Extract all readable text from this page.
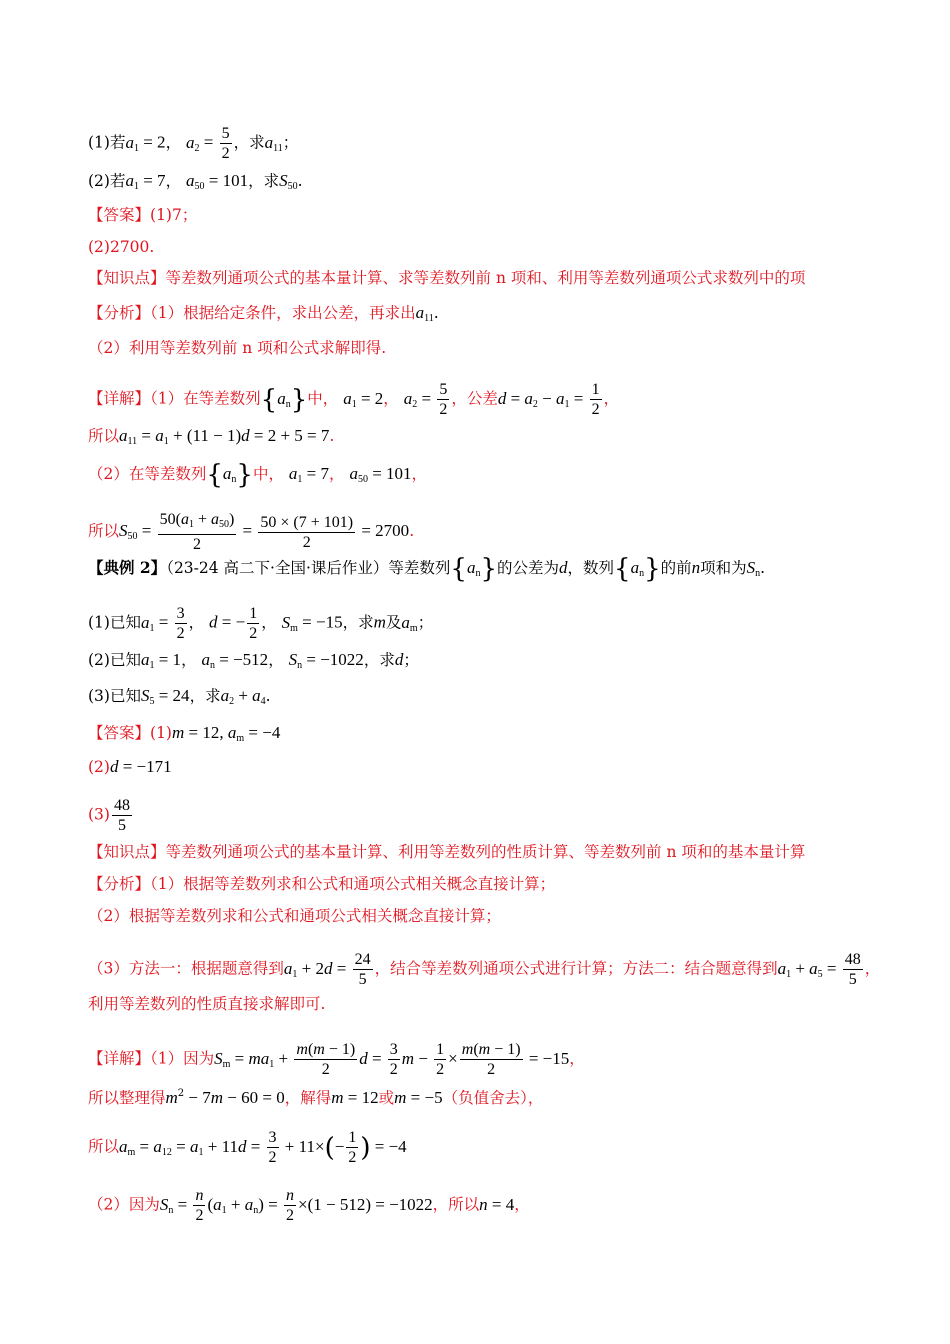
(1)若$a_1 = 2$， $a_2 = \frac{5}{2}$ ，求$a_{11}$；
(2)若$a_1 = 7$， $a_{50} = 101$，求$S_{50}$.
【答案】(1)7；
(2)2700.
【知识点】等差数列通项公式的基本量计算、求等差数列前 n 项和、利用等差数列通项公式求数列中的项
【分析】（1）根据给定条件，求出公差，再求出$a_{11}$.
（2）利用等差数列前 n 项和公式求解即得.
【详解】（1）在等差数列$\{a_n\}$中， $a_1 = 2$， $a_2 = \frac{5}{2}$ ，公差$d = a_2 - a_1 = \frac{1}{2}$ ，
所以$a_{11} = a_1 + (11 - 1)d = 2 + 5 = 7$.
（2）在等差数列$\{a_n\}$中， $a_1 = 7$， $a_{50} = 101$，
所以$S_{50} = \frac{50(a_1 + a_{50})}{2} = \frac{50 \times (7 + 101)}{2} = 2700$.
【典例 2】（23-24 高二下·全国·课后作业）等差数列$\{a_n\}$的公差为d，数列$\{a_n\}$的前n项和为$S_n$.
(1)已知$a_1 = \frac{3}{2}$ ， d = − $\frac{1}{2}$ ， $S_m = -15$，求m及$a_m$；
(2)已知$a_1 = 1$， $a_n = -512$， $S_n = -1022$，求d；
(3)已知$S_5 = 24$，求$a_2 + a_4$.
【答案】(1)m = 12, $a_m = -4$
(2)d = −171
$(3) \frac{48}{5}$
【知识点】等差数列通项公式的基本量计算、利用等差数列的性质计算、等差数列前 n 项和的基本量计算
【分析】（1）根据等差数列求和公式和通项公式相关概念直接计算；
（2）根据等差数列求和公式和通项公式相关概念直接计算；
（3）方法一：根据题意得到$a_1 + 2d = \frac{24}{5}$ ，结合等差数列通项公式进行计算；方法二：结合题意得到$a_1 + a_5 = \frac{48}{5}$ ，
利用等差数列的性质直接求解即可.
【详解】（1）因为$S_m = ma_1 + \frac{m(m - 1)}{2}$ $d = \frac{3}{2}$ $m - \frac{1}{2} \times \frac{m(m - 1)}{2} = -15$，
所以整理得$m^2 - 7m - 60 = 0$，解得m = 12或m = −5（负值舍去），
所以$a_m = a_{12} = a_1 + 11d = \frac{3}{2} + 11\times(- \frac{1}{2}$ ) = −4
（2）因为$S_n = \frac{n}{2} (a_1 + a_n) = \frac{n}{2} \times(1 - 512) = -1022$，所以n = 4，
